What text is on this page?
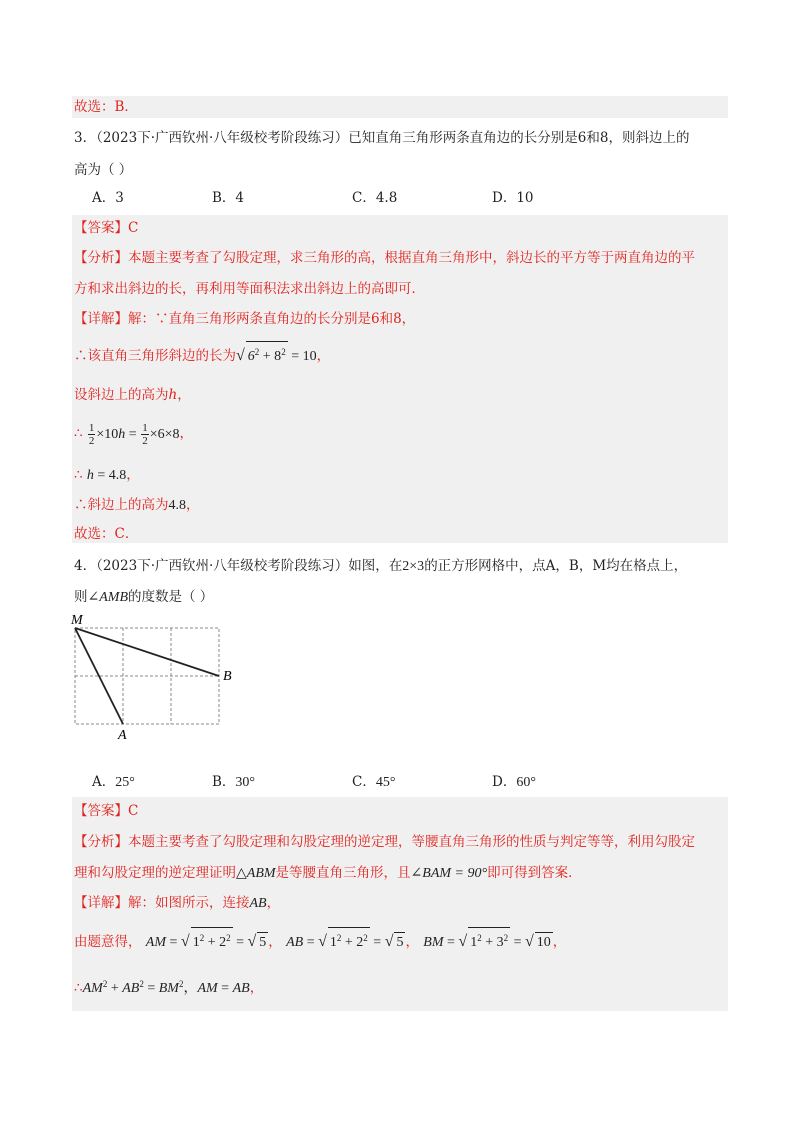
故选：B．
3．（2023下·广西钦州·八年级校考阶段练习）已知直角三角形两条直角边的长分别是6和8，则斜边上的
高为（ ）
A．3	B．4	C．4.8	D．10
【答案】C
【分析】本题主要考查了勾股定理，求三角形的高，根据直角三角形中，斜边长的平方等于两直角边的平
方和求出斜边的长，再利用等面积法求出斜边上的高即可．
【详解】解：∵直角三角形两条直角边的长分别是6和8，
∴该直角三角形斜边的长为√ $6^2 + 8^2 = 10$，
设斜边上的高为h，
∴ $\frac{1}{2} \times 10h = \frac{1}{2} \times 6\times 8$，
∴ h = 4.8，
∴斜边上的高为4.8，
故选：C．
4．（2023下·广西钦州·八年级校考阶段练习）如图，在2×3的正方形网格中，点A，B，M均在格点上，
则∠AMB的度数是（ ）
M
B
A
A．25°	B．30°	C．45°	D．60°
【答案】C
【分析】本题主要考查了勾股定理和勾股定理的逆定理，等腰直角三角形的性质与判定等等，利用勾股定
理和勾股定理的逆定理证明△ABM是等腰直角三角形，且∠BAM = 90°即可得到答案．
【详解】解：如图所示，连接AB，
由题意得， AM = √ $1^2 + 2^2$ = √ 5 ， AB = √ $1^2 + 2^2$ = √ 5 ， BM = √ $1^2 + 3^2$ = √ 10 ，
$\therefore AM^2 + AB^2 = BM^2$，AM = AB，
